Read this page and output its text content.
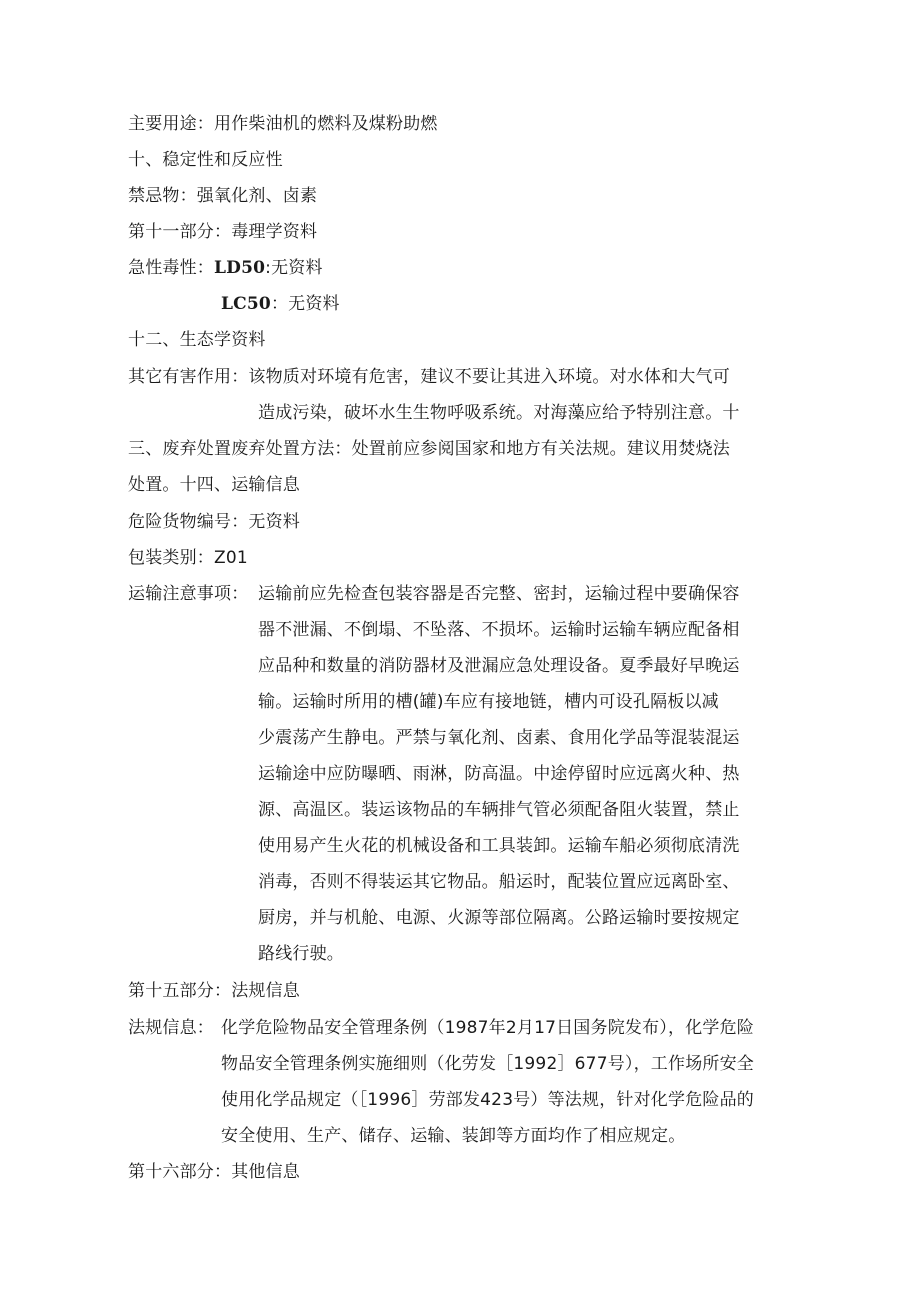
主要用途：用作柴油机的燃料及煤粉助燃
十、稳定性和反应性
禁忌物：强氧化剂、卤素
第十一部分：毒理学资料
急性毒性：LD50:无资料
LC50：无资料
十二、生态学资料
其它有害作用：该物质对环境有危害，建议不要让其进入环境。对水体和大气可
造成污染，破坏水生生物呼吸系统。对海藻应给予特别注意。十
三、废弃处置废弃处置方法：处置前应参阅国家和地方有关法规。建议用焚烧法
处置。十四、运输信息
危险货物编号：无资料
包装类别：Z01
运输注意事项： 运输前应先检查包装容器是否完整、密封，运输过程中要确保容
器不泄漏、不倒塌、不坠落、不损坏。运输时运输车辆应配备相
应品种和数量的消防器材及泄漏应急处理设备。夏季最好早晚运
输。运输时所用的槽(罐)车应有接地链，槽内可设孔隔板以减
少震荡产生静电。严禁与氧化剂、卤素、食用化学品等混装混运
运输途中应防曝晒、雨淋，防高温。中途停留时应远离火种、热
源、高温区。装运该物品的车辆排气管必须配备阻火装置，禁止
使用易产生火花的机械设备和工具装卸。运输车船必须彻底清洗
消毒，否则不得装运其它物品。船运时，配装位置应远离卧室、
厨房，并与机舱、电源、火源等部位隔离。公路运输时要按规定
路线行驶。
第十五部分：法规信息
法规信息： 化学危险物品安全管理条例（1987年2月17日国务院发布），化学危险
物品安全管理条例实施细则（化劳发［1992］677号），工作场所安全
使用化学品规定（［1996］劳部发423号）等法规，针对化学危险品的
安全使用、生产、储存、运输、装卸等方面均作了相应规定。
第十六部分：其他信息
